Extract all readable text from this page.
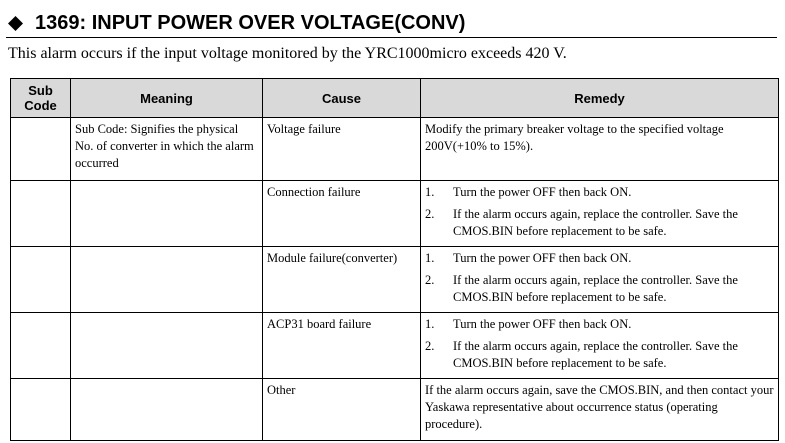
1369: INPUT POWER OVER VOLTAGE(CONV)
This alarm occurs if the input voltage monitored by the YRC1000micro exceeds 420 V.
Sub Code	Meaning	Cause	Remedy
	Sub Code: Signifies the physical No. of converter in which the alarm occurred	Voltage failure	Modify the primary breaker voltage to the specified voltage 200V(+10% to 15%).
		Connection failure	1. Turn the power OFF then back ON.
2. If the alarm occurs again, replace the controller. Save the CMOS.BIN before replacement to be safe.

		Module failure(converter)	1. Turn the power OFF then back ON.
2. If the alarm occurs again, replace the controller. Save the CMOS.BIN before replacement to be safe.

		ACP31 board failure	1. Turn the power OFF then back ON.
2. If the alarm occurs again, replace the controller. Save the CMOS.BIN before replacement to be safe.

		Other	If the alarm occurs again, save the CMOS.BIN, and then contact your Yaskawa representative about occurrence status (operating procedure).
